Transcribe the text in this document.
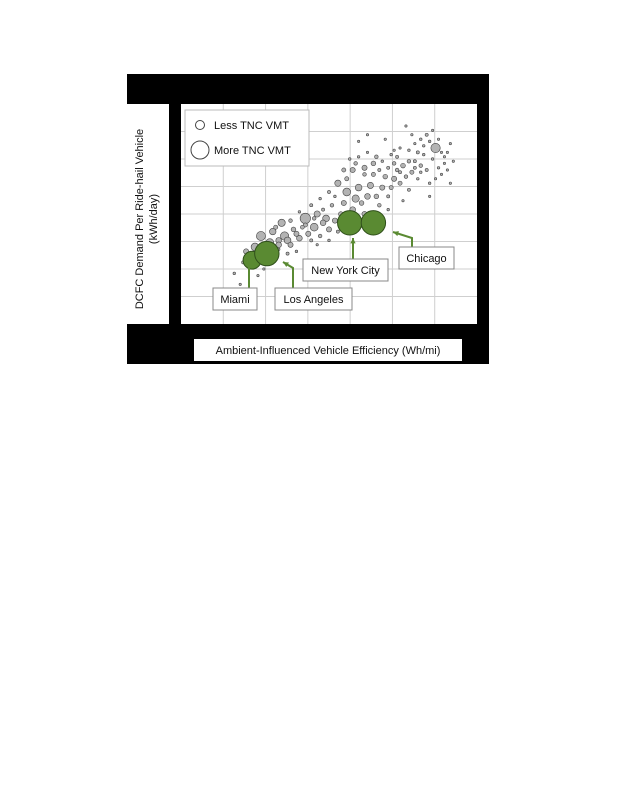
Miami	Los Angeles
New York City
Chicago
Less TNC VMT
More TNC VMT
DCFC Demand Per Ride-hail Vehicle (kWh/day)
Ambient-Influenced Vehicle Efficiency (Wh/mi)
